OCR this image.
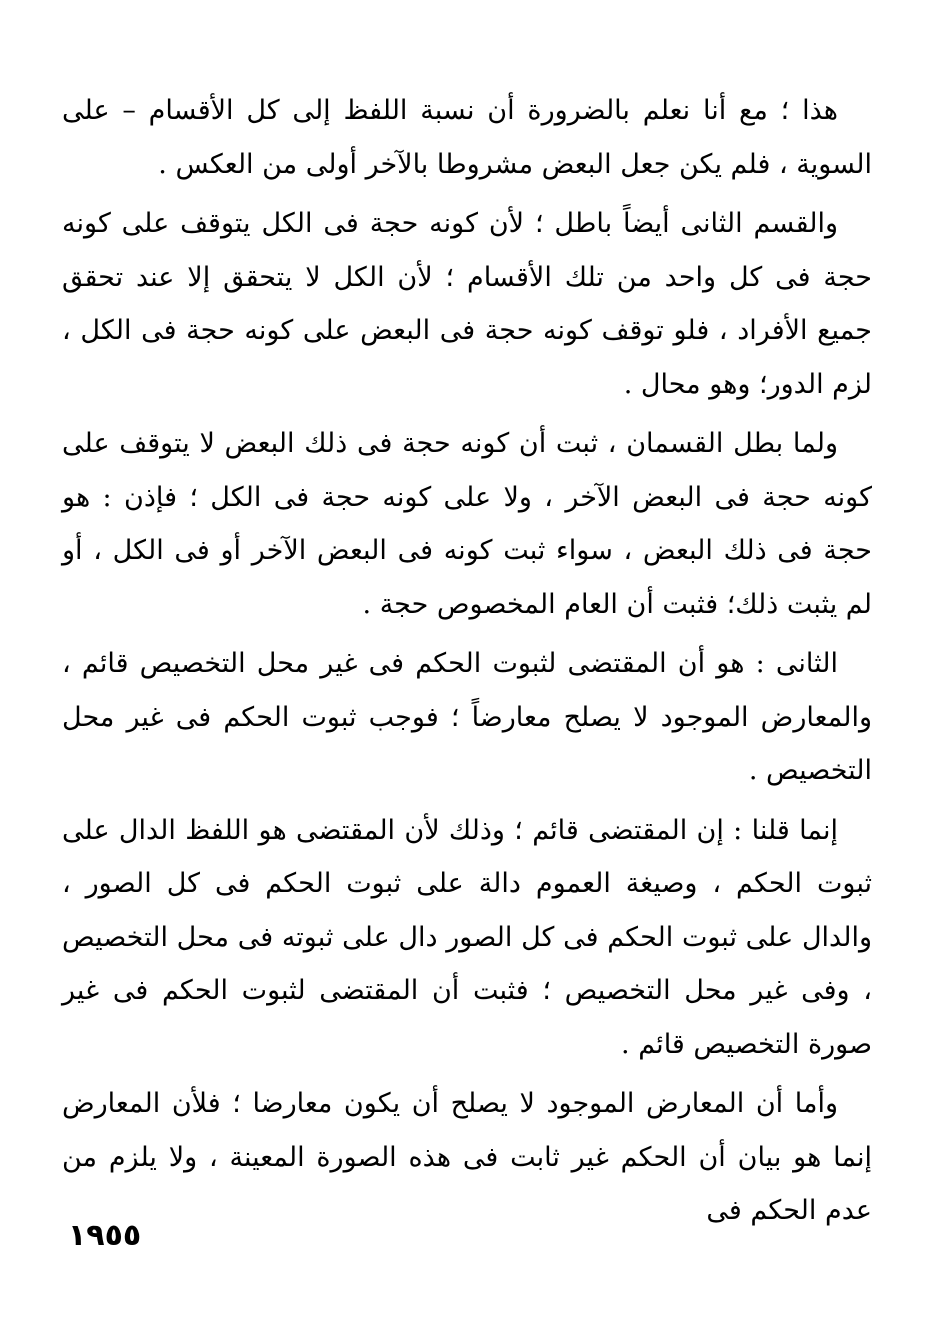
هذا ؛ مع أنا نعلم بالضرورة أن نسبة اللفظ إلى كل الأقسام – على السوية ، فلم يكن جعل البعض مشروطا بالآخر أولى من العكس .

والقسم الثانى أيضاً باطل ؛ لأن كونه حجة فى الكل يتوقف على كونه حجة فى كل واحد من تلك الأقسام ؛ لأن الكل لا يتحقق إلا عند تحقق جميع الأفراد ، فلو توقف كونه حجة فى البعض على كونه حجة فى الكل ، لزم الدور؛ وهو محال .

ولما بطل القسمان ، ثبت أن كونه حجة فى ذلك البعض لا يتوقف على كونه حجة فى البعض الآخر ، ولا على كونه حجة فى الكل ؛ فإذن : هو حجة فى ذلك البعض ، سواء ثبت كونه فى البعض الآخر أو فى الكل ، أو لم يثبت ذلك؛ فثبت أن العام المخصوص حجة .

الثانى : هو أن المقتضى لثبوت الحكم فى غير محل التخصيص قائم ، والمعارض الموجود لا يصلح معارضاً ؛ فوجب ثبوت الحكم فى غير محل التخصيص .

إنما قلنا : إن المقتضى قائم ؛ وذلك لأن المقتضى هو اللفظ الدال على ثبوت الحكم ، وصيغة العموم دالة على ثبوت الحكم فى كل الصور ، والدال على ثبوت الحكم فى كل الصور دال على ثبوته فى محل التخصيص ، وفى غير محل التخصيص ؛ فثبت أن المقتضى لثبوت الحكم فى غير صورة التخصيص قائم .

وأما أن المعارض الموجود لا يصلح أن يكون معارضا ؛ فلأن المعارض إنما هو بيان أن الحكم غير ثابت فى هذه الصورة المعينة ، ولا يلزم من عدم الحكم فى

١٩٥٥
